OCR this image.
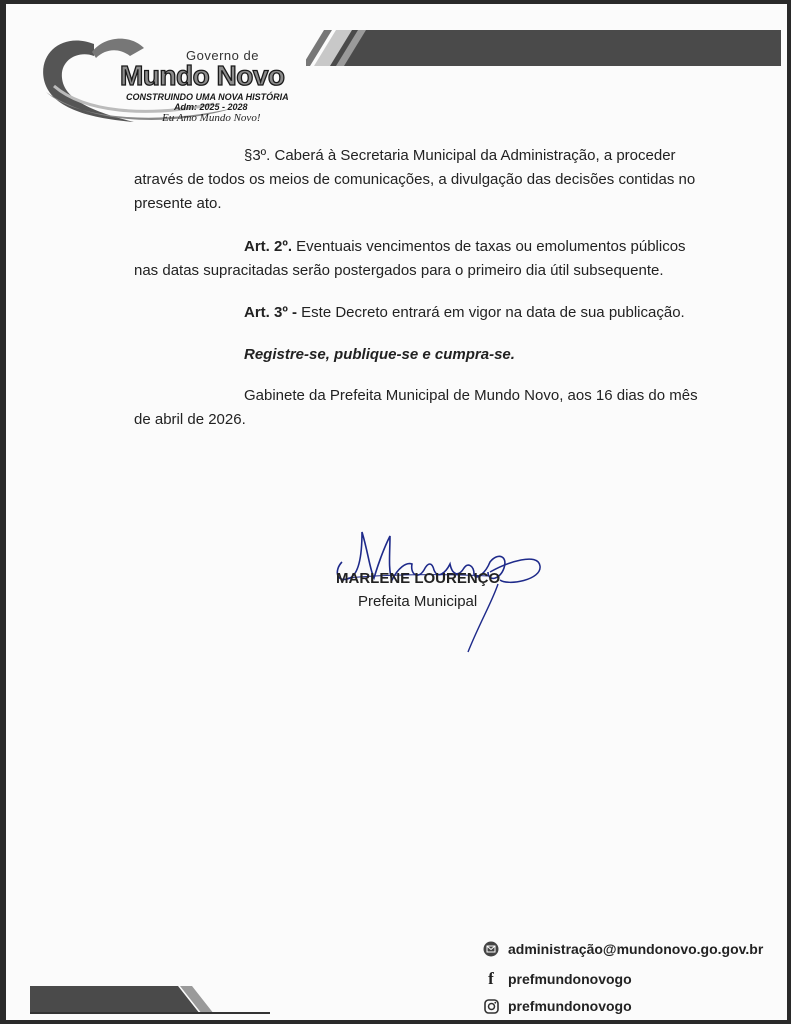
Governo de
Mundo Novo
CONSTRUINDO UMA NOVA HISTÓRIA
Adm: 2025 - 2028
Eu Amo Mundo Novo!

§3º. Caberá à Secretaria Municipal da Administração, a proceder através de todos os meios de comunicações, a divulgação das decisões contidas no presente ato.

Art. 2º. Eventuais vencimentos de taxas ou emolumentos públicos nas datas supracitadas serão postergados para o primeiro dia útil subsequente.

Art. 3º - Este Decreto entrará em vigor na data de sua publicação.

Registre-se, publique-se e cumpra-se.

Gabinete da Prefeita Municipal de Mundo Novo, aos 16 dias do mês de abril de 2026.

MARLENE LOURENÇO
Prefeita Municipal
administração@mundonovo.go.gov.br
f	prefmundonovogo
prefmundonovogo
